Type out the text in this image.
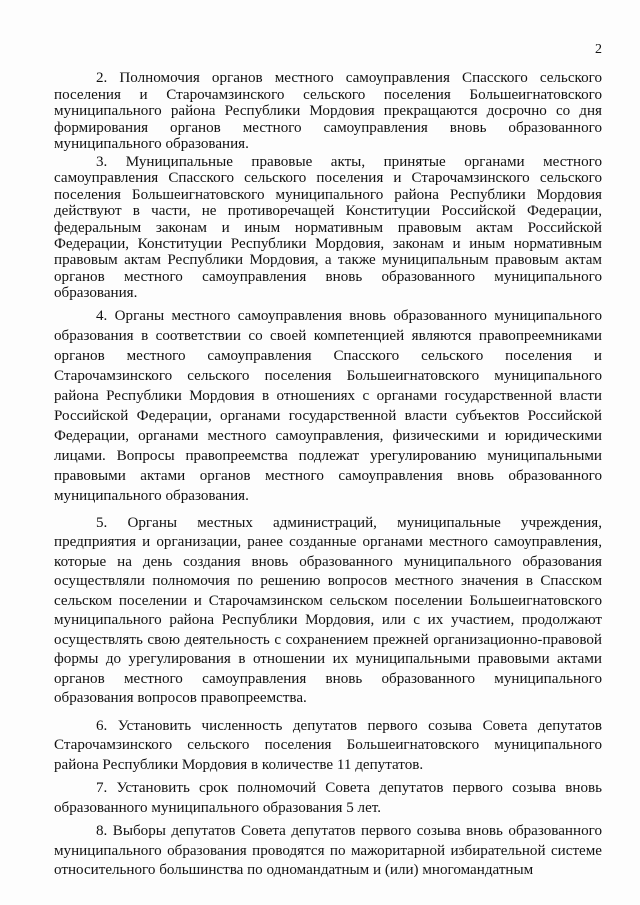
2

2. Полномочия органов местного самоуправления Спасского сельского поселения и Старочамзинского сельского поселения Большеигнатовского муниципального района Республики Мордовия прекращаются досрочно со дня формирования органов местного самоуправления вновь образованного муниципального образования.

3. Муниципальные правовые акты, принятые органами местного самоуправления Спасского сельского поселения и Старочамзинского сельского поселения Большеигнатовского муниципального района Республики Мордовия действуют в части, не противоречащей Конституции Российской Федерации, федеральным законам и иным нормативным правовым актам Российской Федерации, Конституции Республики Мордовия, законам и иным нормативным правовым актам Республики Мордовия, а также муниципальным правовым актам органов местного самоуправления вновь образованного муниципального образования.

4. Органы местного самоуправления вновь образованного муниципального образования в соответствии со своей компетенцией являются правопреемниками органов местного самоуправления Спасского сельского поселения и Старочамзинского сельского поселения Большеигнатовского муниципального района Республики Мордовия в отношениях с органами государственной власти Российской Федерации, органами государственной власти субъектов Российской Федерации, органами местного самоуправления, физическими и юридическими лицами. Вопросы правопреемства подлежат урегулированию муниципальными правовыми актами органов местного самоуправления вновь образованного муниципального образования.

5. Органы местных администраций, муниципальные учреждения, предприятия и организации, ранее созданные органами местного самоуправления, которые на день создания вновь образованного муниципального образования осуществляли полномочия по решению вопросов местного значения в Спасском сельском поселении и Старочамзинском сельском поселении Большеигнатовского муниципального района Республики Мордовия, или с их участием, продолжают осуществлять свою деятельность с сохранением прежней организационно-правовой формы до урегулирования в отношении их муниципальными правовыми актами органов местного самоуправления вновь образованного муниципального образования вопросов правопреемства.

6. Установить численность депутатов первого созыва Совета депутатов Старочамзинского сельского поселения Большеигнатовского муниципального района Республики Мордовия в количестве 11 депутатов.

7. Установить срок полномочий Совета депутатов первого созыва вновь образованного муниципального образования 5 лет.

8. Выборы депутатов Совета депутатов первого созыва вновь образованного муниципального образования проводятся по мажоритарной избирательной системе относительного большинства по одномандатным и (или) многомандатным
